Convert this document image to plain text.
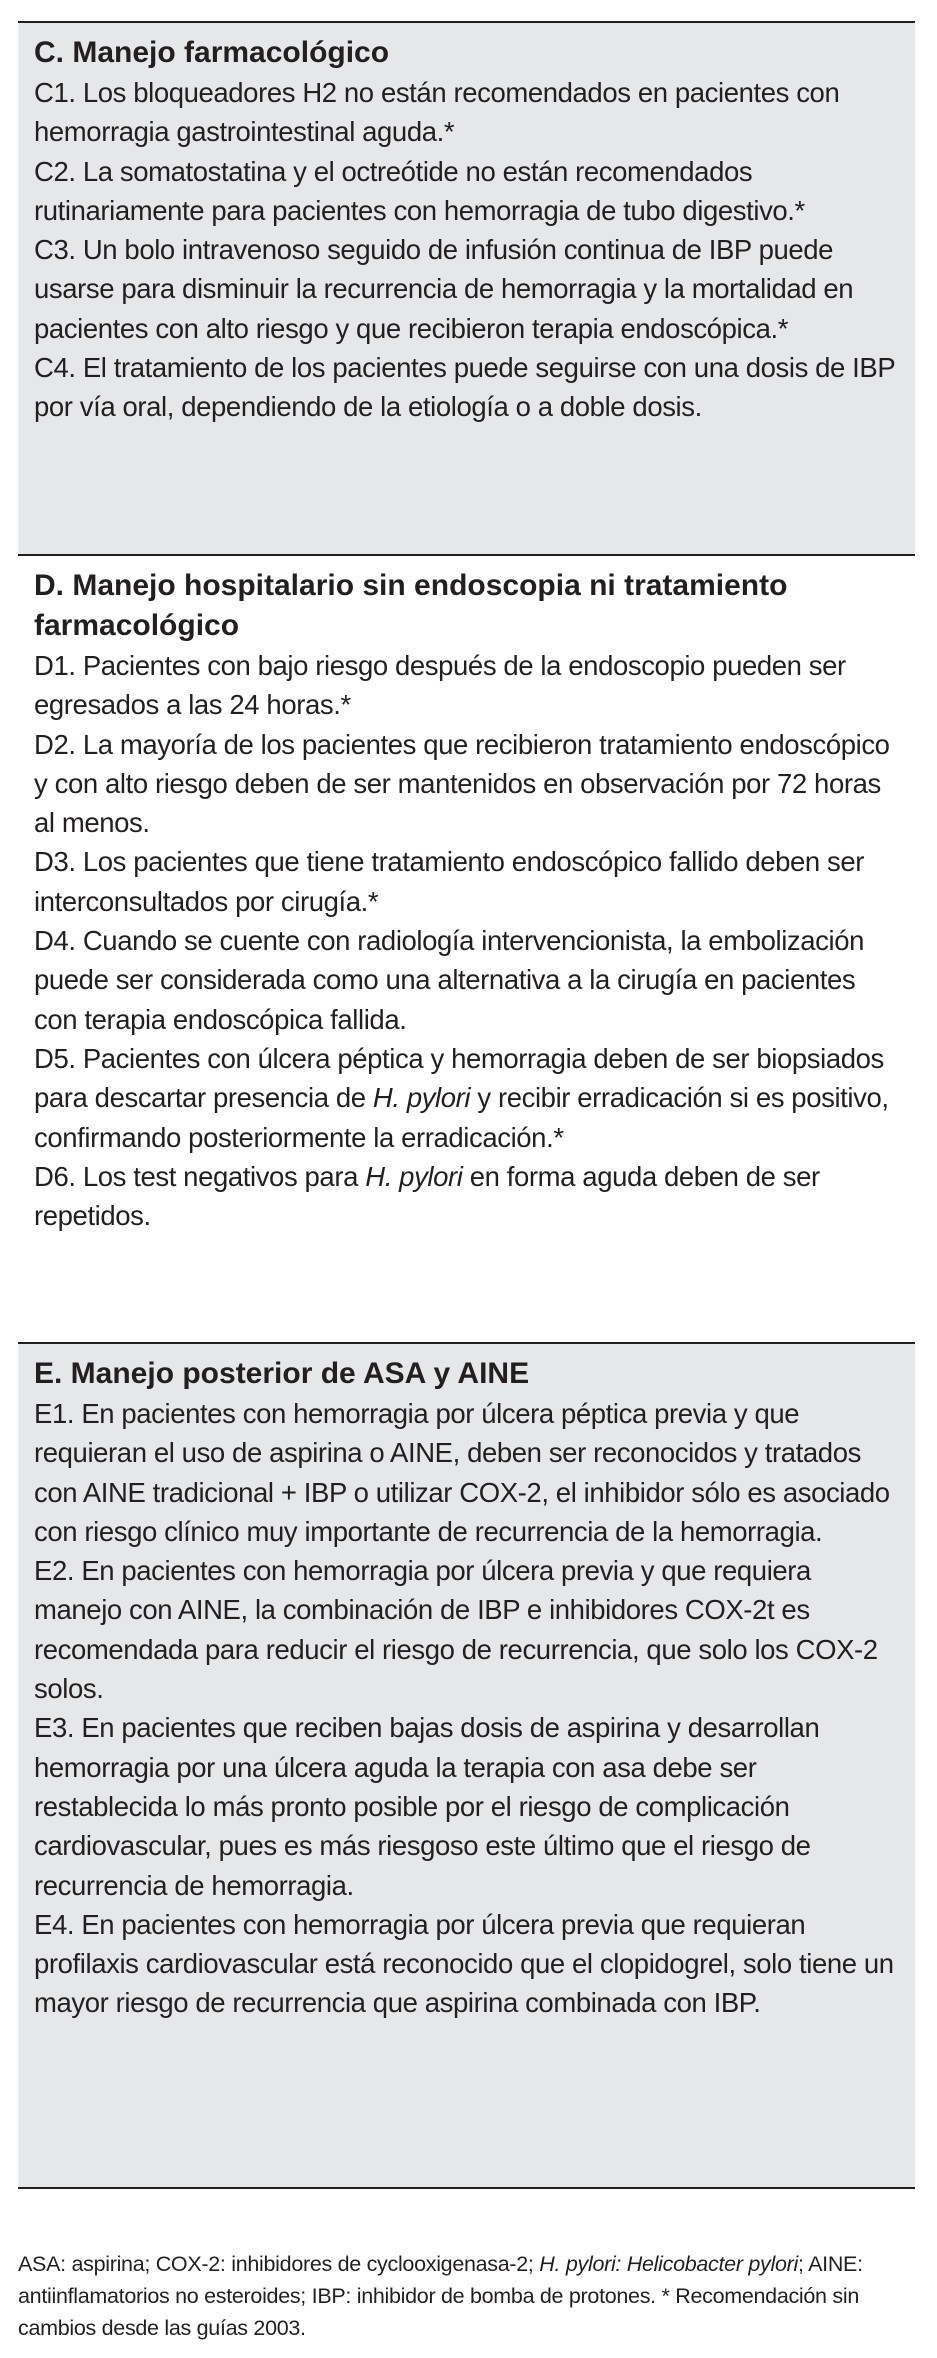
C. Manejo farmacológico

C1. Los bloqueadores H2 no están recomendados en pacientes con hemorragia gastrointestinal aguda.*

C2. La somatostatina y el octreótide no están recomendados rutinariamente para pacientes con hemorragia de tubo digestivo.*

C3. Un bolo intravenoso seguido de infusión continua de IBP puede usarse para disminuir la recurrencia de hemorragia y la mortalidad en pacientes con alto riesgo y que recibieron terapia endoscópica.*

C4. El tratamiento de los pacientes puede seguirse con una dosis de IBP por vía oral, dependiendo de la etiología o a doble dosis.

D. Manejo hospitalario sin endoscopia ni tratamiento farmacológico

D1. Pacientes con bajo riesgo después de la endoscopio pueden ser egresados a las 24 horas.*

D2. La mayoría de los pacientes que recibieron tratamiento endoscópico y con alto riesgo deben de ser mantenidos en observación por 72 horas al menos.

D3. Los pacientes que tiene tratamiento endoscópico fallido deben ser interconsultados por cirugía.*

D4. Cuando se cuente con radiología intervencionista, la embolización puede ser considerada como una alternativa a la cirugía en pacientes con terapia endoscópica fallida.

D5. Pacientes con úlcera péptica y hemorragia deben de ser biopsiados para descartar presencia de H. pylori y recibir erradicación si es positivo, confirmando posteriormente la erradicación.*

D6. Los test negativos para H. pylori en forma aguda deben de ser repetidos.

E. Manejo posterior de ASA y AINE

E1. En pacientes con hemorragia por úlcera péptica previa y que requieran el uso de aspirina o AINE, deben ser reconocidos y tratados con AINE tradicional + IBP o utilizar COX-2, el inhibidor sólo es asociado con riesgo clínico muy importante de recurrencia de la hemorragia.

E2. En pacientes con hemorragia por úlcera previa y que requiera manejo con AINE, la combinación de IBP e inhibidores COX-2t es recomendada para reducir el riesgo de recurrencia, que solo los COX-2 solos.

E3. En pacientes que reciben bajas dosis de aspirina y desarrollan hemorragia por una úlcera aguda la terapia con asa debe ser restablecida lo más pronto posible por el riesgo de complicación cardiovascular, pues es más riesgoso este último que el riesgo de recurrencia de hemorragia.

E4. En pacientes con hemorragia por úlcera previa que requieran profilaxis cardiovascular está reconocido que el clopidogrel, solo tiene un mayor riesgo de recurrencia que aspirina combinada con IBP.

ASA: aspirina; COX-2: inhibidores de cyclooxigenasa-2; H. pylori: Helicobacter pylori; AINE: antiinflamatorios no esteroides; IBP: inhibidor de bomba de protones. * Recomendación sin cambios desde las guías 2003.
